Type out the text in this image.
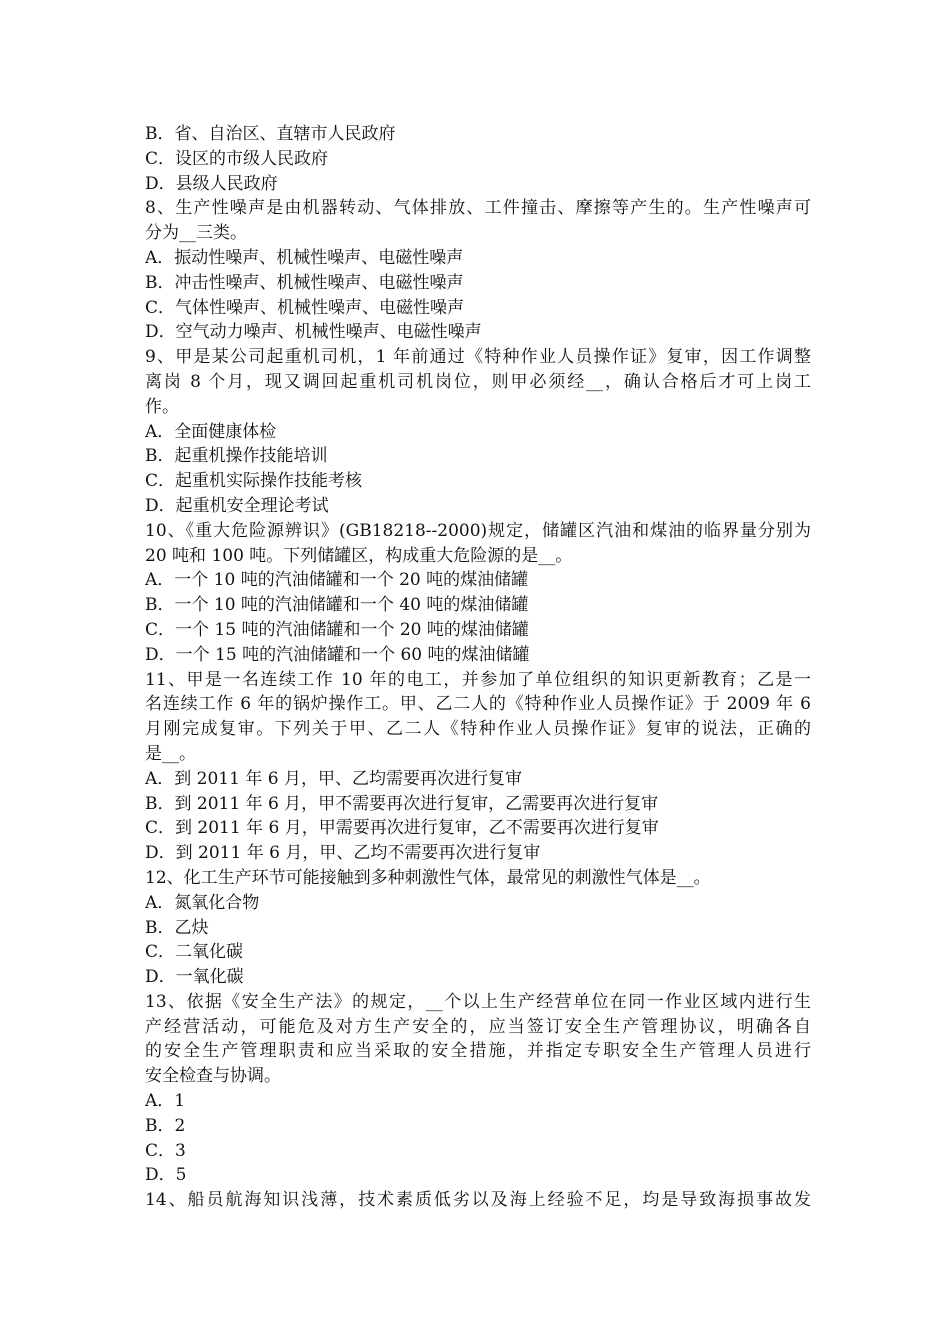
B．省、自治区、直辖市人民政府
C．设区的市级人民政府
D．县级人民政府
8、生产性噪声是由机器转动、气体排放、工件撞击、摩擦等产生的。生产性噪声可
分为__三类。
A．振动性噪声、机械性噪声、电磁性噪声
B．冲击性噪声、机械性噪声、电磁性噪声
C．气体性噪声、机械性噪声、电磁性噪声
D．空气动力噪声、机械性噪声、电磁性噪声
9、甲是某公司起重机司机，1 年前通过《特种作业人员操作证》复审，因工作调整
离岗 8 个月，现又调回起重机司机岗位，则甲必须经__，确认合格后才可上岗工
作。
A．全面健康体检
B．起重机操作技能培训
C．起重机实际操作技能考核
D．起重机安全理论考试
10、《重大危险源辨识》(GB18218--2000)规定，储罐区汽油和煤油的临界量分别为
20 吨和 100 吨。下列储罐区，构成重大危险源的是__。
A．一个 10 吨的汽油储罐和一个 20 吨的煤油储罐
B．一个 10 吨的汽油储罐和一个 40 吨的煤油储罐
C．一个 15 吨的汽油储罐和一个 20 吨的煤油储罐
D．一个 15 吨的汽油储罐和一个 60 吨的煤油储罐
11、甲是一名连续工作 10 年的电工，并参加了单位组织的知识更新教育；乙是一
名连续工作 6 年的锅炉操作工。甲、乙二人的《特种作业人员操作证》于 2009 年 6
月刚完成复审。下列关于甲、乙二人《特种作业人员操作证》复审的说法，正确的
是__。
A．到 2011 年 6 月，甲、乙均需要再次进行复审
B．到 2011 年 6 月，甲不需要再次进行复审，乙需要再次进行复审
C．到 2011 年 6 月，甲需要再次进行复审，乙不需要再次进行复审
D．到 2011 年 6 月，甲、乙均不需要再次进行复审
12、化工生产环节可能接触到多种刺激性气体，最常见的刺激性气体是__。
A．氮氧化合物
B．乙炔
C．二氧化碳
D．一氧化碳
13、依据《安全生产法》的规定，__个以上生产经营单位在同一作业区域内进行生
产经营活动，可能危及对方生产安全的，应当签订安全生产管理协议，明确各自
的安全生产管理职责和应当采取的安全措施，并指定专职安全生产管理人员进行
安全检查与协调。
A．1
B．2
C．3
D．5
14、船员航海知识浅薄，技术素质低劣以及海上经验不足，均是导致海损事故发
